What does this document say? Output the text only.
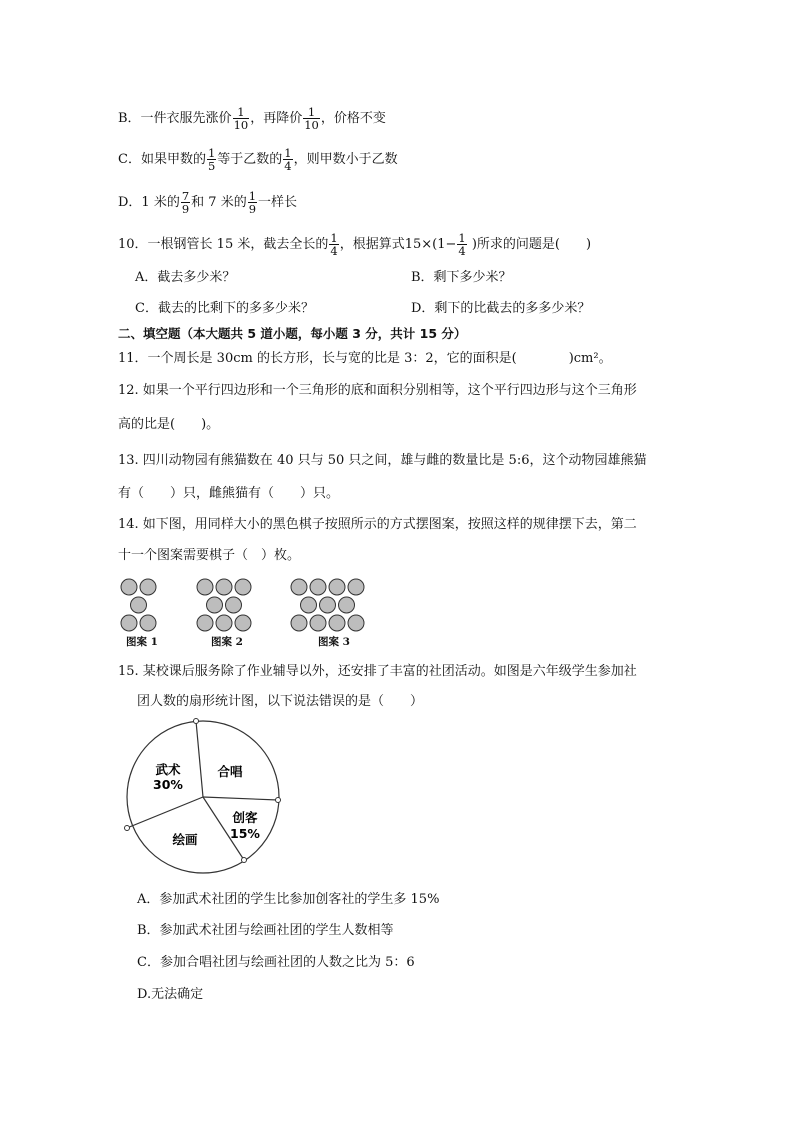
B．一件衣服先涨价 $\frac{1}{10}$ ，再降价 $\frac{1}{10}$ ，价格不变
C．如果甲数的 $\frac{1}{5}$ 等于乙数的 $\frac{1}{4}$ ，则甲数小于乙数
D．1 米的 $\frac{7}{9}$ 和 7 米的 $\frac{1}{9}$ 一样长
10．一根钢管长 15 米，截去全长的 $\frac{1}{4}$ ，根据算式$15\times(1- \frac{1}{4}$ )所求的问题是(　　)
A．截去多少米？	B．剩下多少米？
C．截去的比剩下的多多少米？	D．剩下的比截去的多多少米？
二、填空题（本大题共 5 道小题，每小题 3 分，共计 15 分）
11．一个周长是 30cm 的长方形，长与宽的比是 3：2，它的面积是(　　　　)cm²。
12. 如果一个平行四边形和一个三角形的底和面积分别相等，这个平行四边形与这个三角形
高的比是(　　)。
13. 四川动物园有熊猫数在 40 只与 50 只之间，雄与雌的数量比是 5:6，这个动物园雄熊猫
有（　　）只，雌熊猫有（　　）只。
14. 如下图，用同样大小的黑色棋子按照所示的方式摆图案，按照这样的规律摆下去，第二
十一个图案需要棋子（　）枚。
图案 1	图案 2	图案 3
15. 某校课后服务除了作业辅导以外，还安排了丰富的社团活动。如图是六年级学生参加社
团人数的扇形统计图，以下说法错误的是（　　）
武术
30%
合唱
创客
15%
绘画
A．参加武术社团的学生比参加创客社的学生多 15%
B．参加武术社团与绘画社团的学生人数相等
C．参加合唱社团与绘画社团的人数之比为 5：6
D.无法确定
